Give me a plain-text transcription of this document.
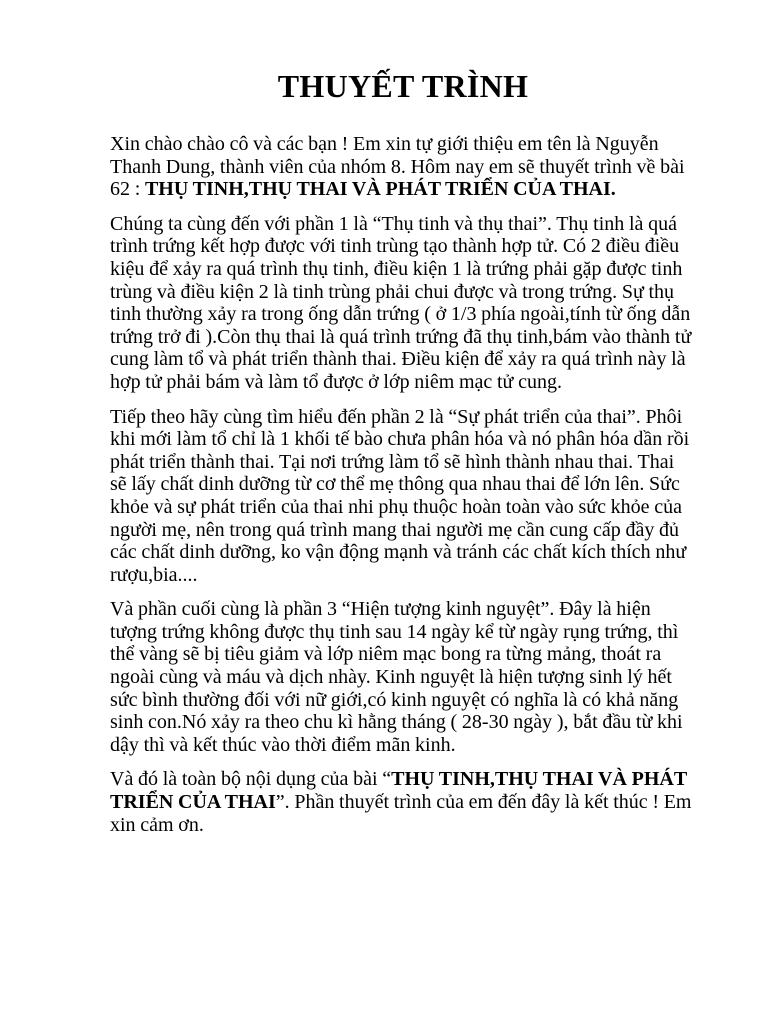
THUYẾT TRÌNH

Xin chào chào cô và các bạn ! Em xin tự giới thiệu em tên là Nguyễn Thanh Dung, thành viên của nhóm 8. Hôm nay em sẽ thuyết trình về bài 62 : THỤ TINH,THỤ THAI VÀ PHÁT TRIỂN CỦA THAI.

Chúng ta cùng đến với phần 1 là “Thụ tinh và thụ thai”. Thụ tinh là quá trình trứng kết hợp được với tinh trùng tạo thành hợp tử. Có 2 điều điều kiệu để xảy ra quá trình thụ tinh, điều kiện 1 là trứng phải gặp được tinh trùng và điều kiện 2 là tinh trùng phải chui được và trong trứng. Sự thụ tinh thường xảy ra trong ống dẫn trứng ( ở 1/3 phía ngoài,tính từ ống dẫn trứng trở đi ).Còn thụ thai là quá trình trứng đã thụ tinh,bám vào thành tử cung làm tổ và phát triển thành thai. Điều kiện để xảy ra quá trình này là hợp tử phải bám và làm tổ được ở lớp niêm mạc tử cung.

Tiếp theo hãy cùng tìm hiểu đến phần 2 là “Sự phát triển của thai”. Phôi khi mới làm tổ chỉ là 1 khối tế bào chưa phân hóa và nó phân hóa dần rồi phát triển thành thai. Tại nơi trứng làm tổ sẽ hình thành nhau thai. Thai sẽ lấy chất dinh dưỡng từ cơ thể mẹ thông qua nhau thai để lớn lên. Sức khỏe và sự phát triển của thai nhi phụ thuộc hoàn toàn vào sức khỏe của người mẹ, nên trong quá trình mang thai người mẹ cần cung cấp đầy đủ các chất dinh dưỡng, ko vận động mạnh và tránh các chất kích thích như rượu,bia....

Và phần cuối cùng là phần 3 “Hiện tượng kinh nguyệt”. Đây là hiện tượng trứng không được thụ tinh sau 14 ngày kể từ ngày rụng trứng, thì thể vàng sẽ bị tiêu giảm và lớp niêm mạc bong ra từng mảng, thoát ra ngoài cùng và máu và dịch nhày. Kinh nguyệt là hiện tượng sinh lý hết sức bình thường đối với nữ giới,có kinh nguyệt có nghĩa là có khả năng sinh con.Nó xảy ra theo chu kì hằng tháng ( 28-30 ngày ), bắt đầu từ khi dậy thì và kết thúc vào thời điểm mãn kinh.

Và đó là toàn bộ nội dụng của bài “THỤ TINH,THỤ THAI VÀ PHÁT TRIỂN CỦA THAI”. Phần thuyết trình của em đến đây là kết thúc ! Em xin cảm ơn.
